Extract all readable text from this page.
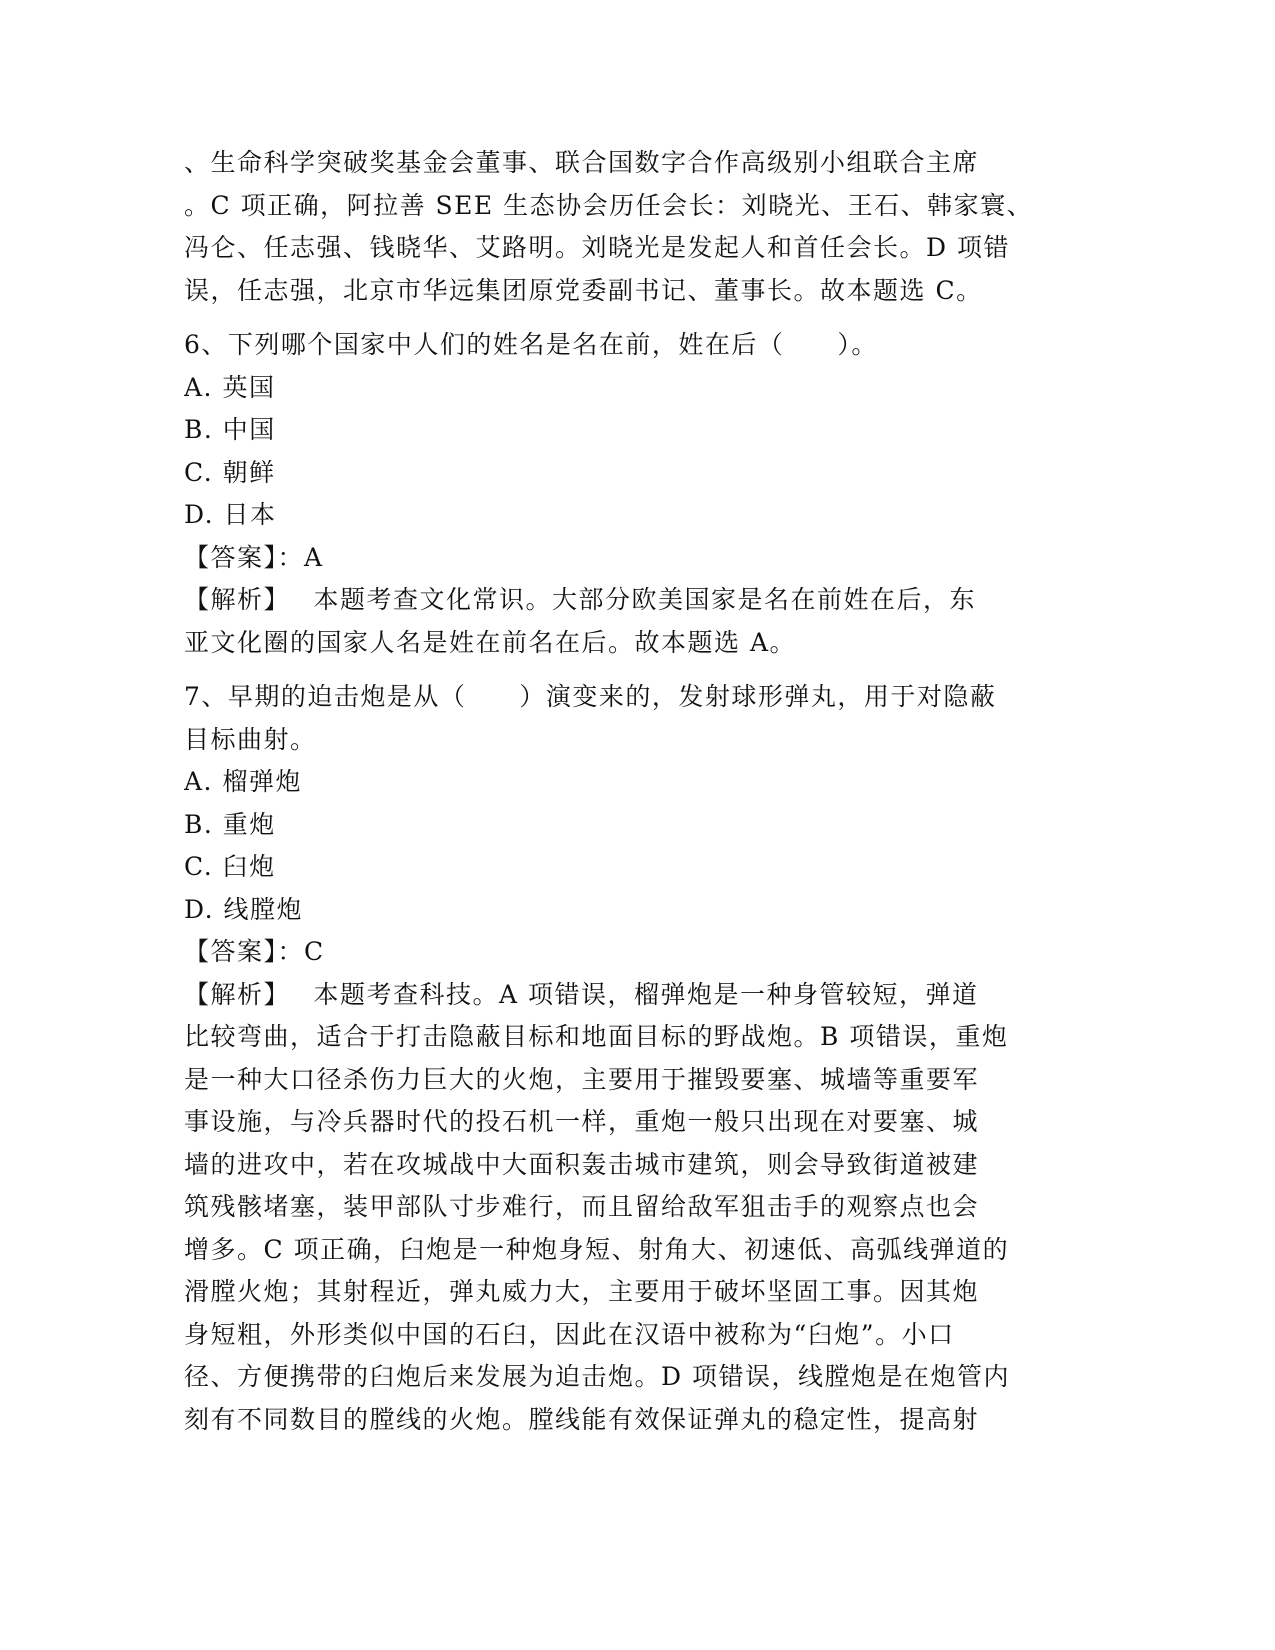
、生命科学突破奖基金会董事、联合国数字合作高级别小组联合主席
。C 项正确，阿拉善 SEE 生态协会历任会长：刘晓光、王石、韩家寰、
冯仑、任志强、钱晓华、艾路明。刘晓光是发起人和首任会长。D 项错
误，任志强，北京市华远集团原党委副书记、董事长。故本题选 C。
6、下列哪个国家中人们的姓名是名在前，姓在后（　　）。
A. 英国
B. 中国
C. 朝鲜
D. 日本
【答案】：A
【解析】　 本题考查文化常识。大部分欧美国家是名在前姓在后，东
亚文化圈的国家人名是姓在前名在后。故本题选 A。
7、早期的迫击炮是从（　　）演变来的，发射球形弹丸，用于对隐蔽
目标曲射。
A. 榴弹炮
B. 重炮
C. 臼炮
D. 线膛炮
【答案】：C
【解析】　 本题考查科技。A 项错误，榴弹炮是一种身管较短，弹道
比较弯曲，适合于打击隐蔽目标和地面目标的野战炮。B 项错误，重炮
是一种大口径杀伤力巨大的火炮，主要用于摧毁要塞、城墙等重要军
事设施，与冷兵器时代的投石机一样，重炮一般只出现在对要塞、城
墙的进攻中，若在攻城战中大面积轰击城市建筑，则会导致街道被建
筑残骸堵塞，装甲部队寸步难行，而且留给敌军狙击手的观察点也会
增多。C 项正确，臼炮是一种炮身短、射角大、初速低、高弧线弹道的
滑膛火炮；其射程近，弹丸威力大，主要用于破坏坚固工事。因其炮
身短粗，外形类似中国的石臼，因此在汉语中被称为“臼炮”。小口
径、方便携带的臼炮后来发展为迫击炮。D 项错误，线膛炮是在炮管内
刻有不同数目的膛线的火炮。膛线能有效保证弹丸的稳定性，提高射
